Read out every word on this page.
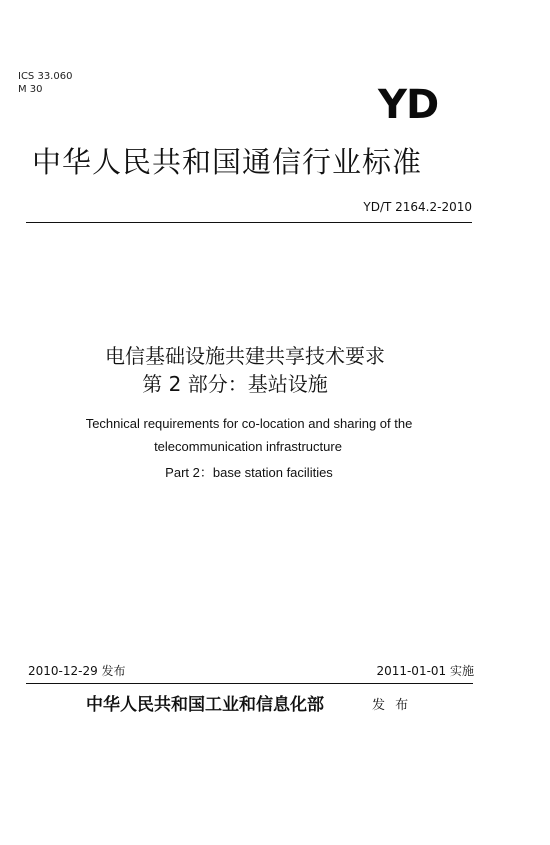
ICS 33.060
M 30	YD
中华人民共和国通信行业标准
YD/T 2164.2-2010
电信基础设施共建共享技术要求
第 2 部分：基站设施
Technical requirements for co-location and sharing of the
telecommunication infrastructure
Part 2：base station facilities
2010-12-29 发布	2011-01-01 实施
中华人民共和国工业和信息化部	发 布
